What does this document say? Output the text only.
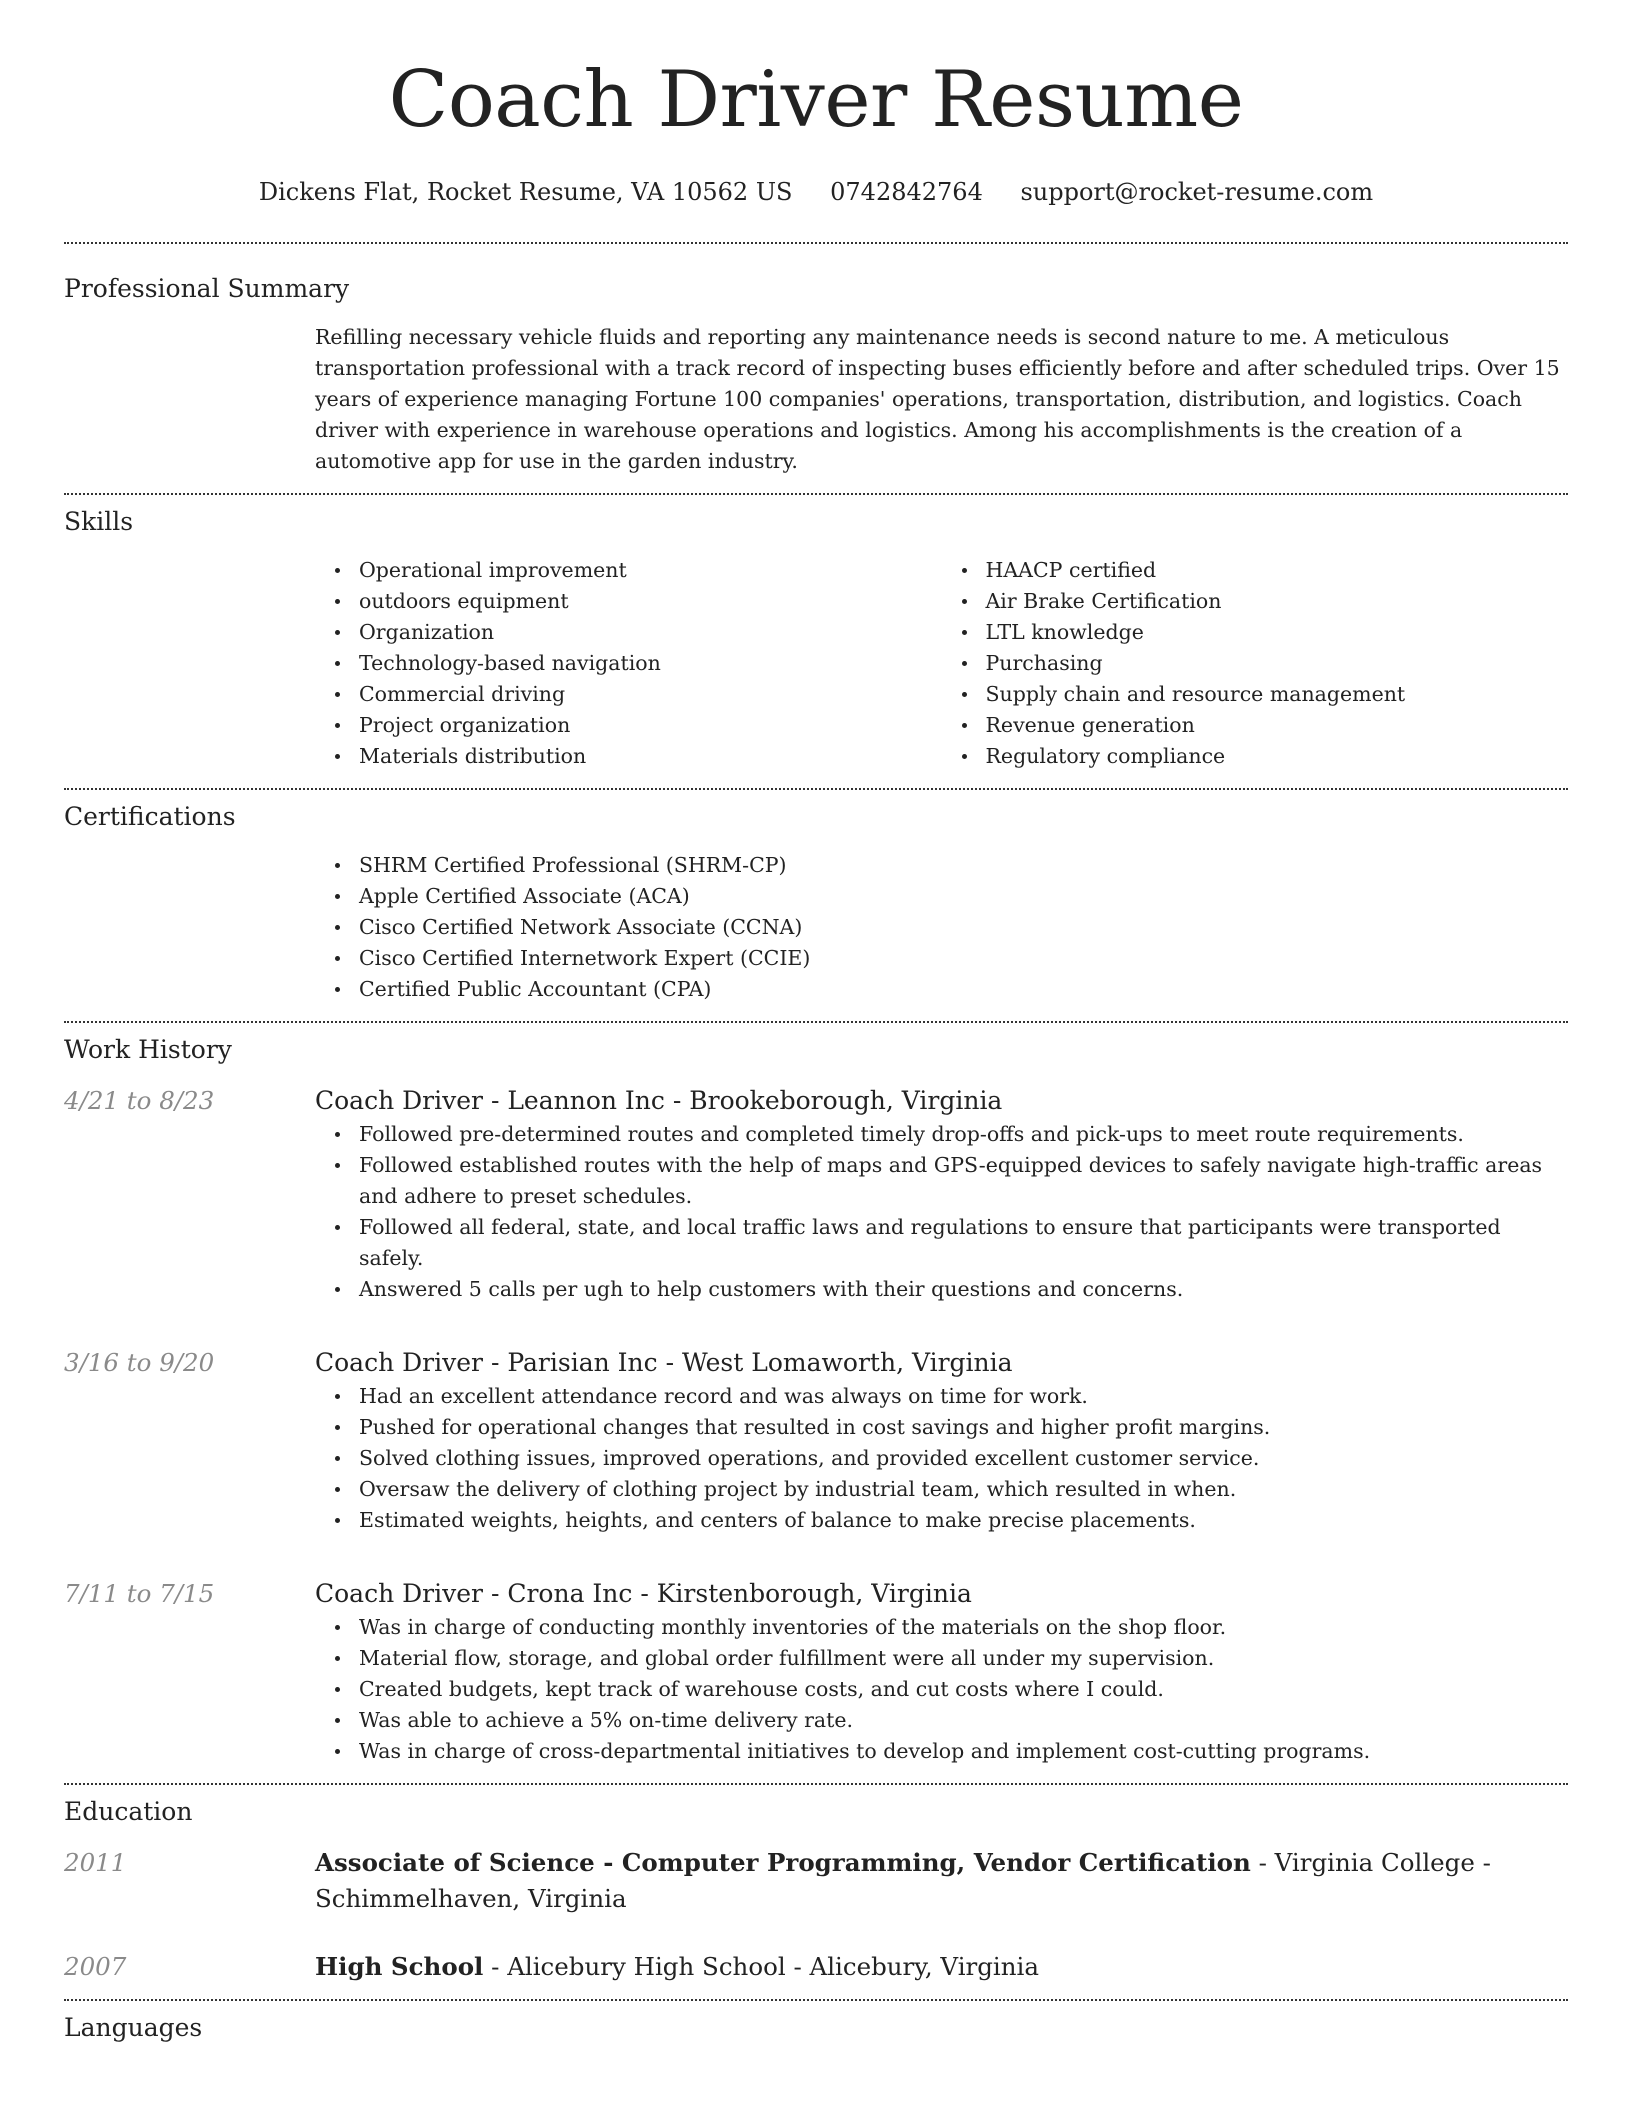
Coach Driver Resume
Dickens Flat, Rocket Resume, VA 10562 US 0742842764 support@rocket-resume.com
Professional Summary
Refilling necessary vehicle fluids and reporting any maintenance needs is second nature to me. A meticulous transportation professional with a track record of inspecting buses efficiently before and after scheduled trips. Over 15 years of experience managing Fortune 100 companies' operations, transportation, distribution, and logistics. Coach driver with experience in warehouse operations and logistics. Among his accomplishments is the creation of a automotive app for use in the garden industry.
Skills
Operational improvement
outdoors equipment
Organization
Technology-based navigation
Commercial driving
Project organization
Materials distribution
HAACP certified
Air Brake Certification
LTL knowledge
Purchasing
Supply chain and resource management
Revenue generation
Regulatory compliance
Certifications
SHRM Certified Professional (SHRM-CP)
Apple Certified Associate (ACA)
Cisco Certified Network Associate (CCNA)
Cisco Certified Internetwork Expert (CCIE)
Certified Public Accountant (CPA)
Work History
4/21 to 8/23	Coach Driver - Leannon Inc - Brookeborough, Virginia
Followed pre-determined routes and completed timely drop-offs and pick-ups to meet route requirements.
Followed established routes with the help of maps and GPS-equipped devices to safely navigate high-traffic areas and adhere to preset schedules.
Followed all federal, state, and local traffic laws and regulations to ensure that participants were transported safely.
Answered 5 calls per ugh to help customers with their questions and concerns.
3/16 to 9/20	Coach Driver - Parisian Inc - West Lomaworth, Virginia
Had an excellent attendance record and was always on time for work.
Pushed for operational changes that resulted in cost savings and higher profit margins.
Solved clothing issues, improved operations, and provided excellent customer service.
Oversaw the delivery of clothing project by industrial team, which resulted in when.
Estimated weights, heights, and centers of balance to make precise placements.
7/11 to 7/15	Coach Driver - Crona Inc - Kirstenborough, Virginia
Was in charge of conducting monthly inventories of the materials on the shop floor.
Material flow, storage, and global order fulfillment were all under my supervision.
Created budgets, kept track of warehouse costs, and cut costs where I could.
Was able to achieve a 5% on-time delivery rate.
Was in charge of cross-departmental initiatives to develop and implement cost-cutting programs.
Education
2011	Associate of Science - Computer Programming, Vendor Certification - Virginia College - Schimmelhaven, Virginia
2007	High School - Alicebury High School - Alicebury, Virginia
Languages
